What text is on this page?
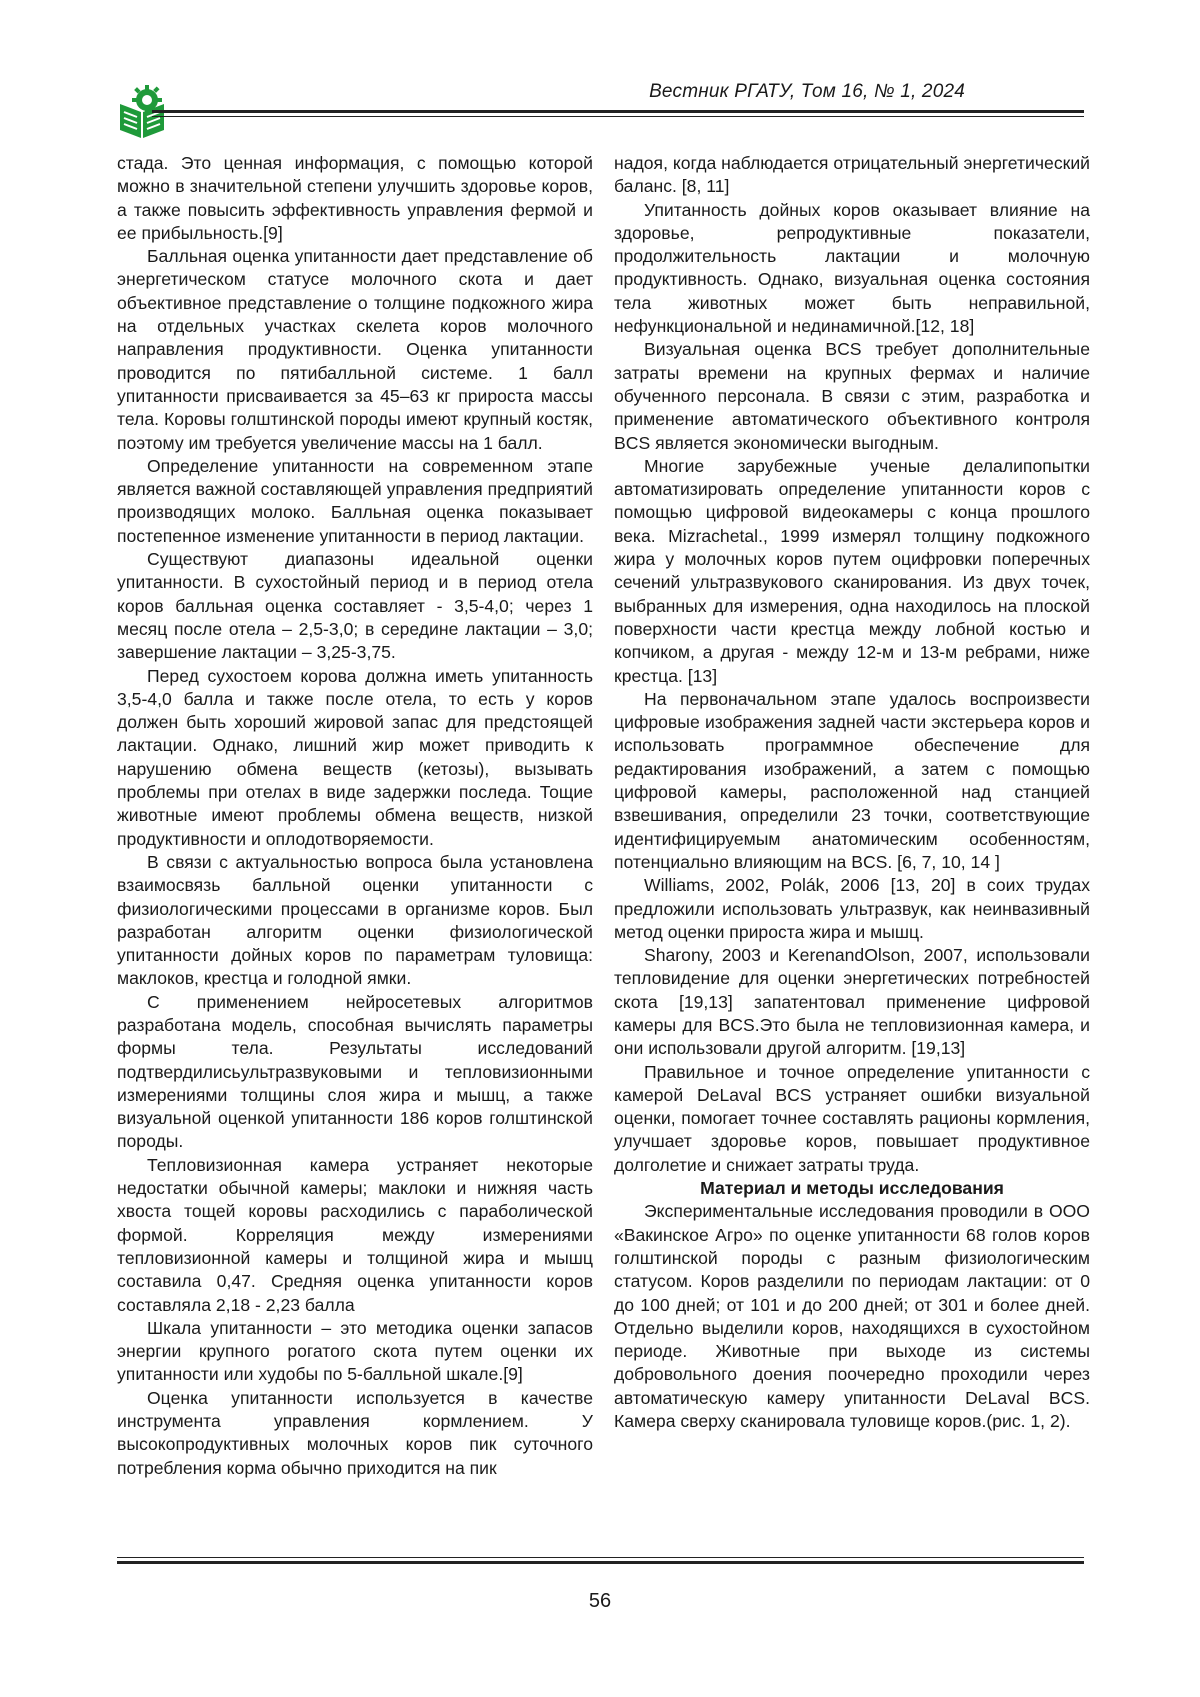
Вестник РГАТУ, Том 16, № 1, 2024

стада. Это ценная информация, с помощью которой можно в значительной степени улучшить здоровье коров, а также повысить эффективность управления фермой и ее прибыльность.[9]

Балльная оценка упитанности дает представление об энергетическом статусе молочного скота и дает объективное представление о толщине подкожного жира на отдельных участках скелета коров молочного направления продуктивности. Оценка упитанности проводится по пятибалльной системе. 1 балл упитанности присваивается за 45–63 кг прироста массы тела. Коровы голштинской породы имеют крупный костяк, поэтому им требуется увеличение массы на 1 балл.

Определение упитанности на современном этапе является важной составляющей управления предприятий производящих молоко. Балльная оценка показывает постепенное изменение упитанности в период лактации.

Существуют диапазоны идеальной оценки упитанности. В сухостойный период и в период отела коров балльная оценка составляет - 3,5-4,0; через 1 месяц после отела – 2,5-3,0; в середине лактации – 3,0; завершение лактации – 3,25-3,75.

Перед сухостоем корова должна иметь упитанность 3,5-4,0 балла и также после отела, то есть у коров должен быть хороший жировой запас для предстоящей лактации. Однако, лишний жир может приводить к нарушению обмена веществ (кетозы), вызывать проблемы при отелах в виде задержки последа. Тощие животные имеют проблемы обмена веществ, низкой продуктивности и оплодотворяемости.

В связи с актуальностью вопроса была установлена взаимосвязь балльной оценки упитанности с физиологическими процессами в организме коров. Был разработан алгоритм оценки физиологической упитанности дойных коров по параметрам туловища: маклоков, крестца и голодной ямки.

С применением нейросетевых алгоритмов разработана модель, способная вычислять параметры формы тела. Результаты исследований подтвердилисьультразвуковыми и тепловизионными измерениями толщины слоя жира и мышц, а также визуальной оценкой упитанности 186 коров голштинской породы.

Тепловизионная камера устраняет некоторые недостатки обычной камеры; маклоки и нижняя часть хвоста тощей коровы расходились с параболической формой. Корреляция между измерениями тепловизионной камеры и толщиной жира и мышц составила 0,47. Средняя оценка упитанности коров составляла 2,18 - 2,23 балла

Шкала упитанности – это методика оценки запасов энергии крупного рогатого скота путем оценки их упитанности или худобы по 5-балльной шкале.[9]

Оценка упитанности используется в качестве инструмента управления кормлением. У высокопродуктивных молочных коров пик суточного потребления корма обычно приходится на пик

надоя, когда наблюдается отрицательный энергетический баланс. [8, 11]

Упитанность дойных коров оказывает влияние на здоровье, репродуктивные показатели, продолжительность лактации и молочную продуктивность. Однако, визуальная оценка состояния тела животных может быть неправильной, нефункциональной и нединамичной.[12, 18]

Визуальная оценка BCS требует дополнительные затраты времени на крупных фермах и наличие обученного персонала. В связи с этим, разработка и применение автоматического объективного контроля BCS является экономически выгодным.

Многие зарубежные ученые делалипопытки автоматизировать определение упитанности коров с помощью цифровой видеокамеры с конца прошлого века. Mizrachetal., 1999 измерял толщину подкожного жира у молочных коров путем оцифровки поперечных сечений ультразвукового сканирования. Из двух точек, выбранных для измерения, одна находилось на плоской поверхности части крестца между лобной костью и копчиком, а другая - между 12-м и 13-м ребрами, ниже крестца. [13]

На первоначальном этапе удалось воспроизвести цифровые изображения задней части экстерьера коров и использовать программное обеспечение для редактирования изображений, а затем с помощью цифровой камеры, расположенной над станцией взвешивания, определили 23 точки, соответствующие идентифицируемым анатомическим особенностям, потенциально влияющим на BCS. [6, 7, 10, 14 ]

Williams, 2002, Polák, 2006 [13, 20] в соих трудах предложили использовать ультразвук, как неинвазивный метод оценки прироста жира и мышц.

Sharony, 2003 и KerenandOlson, 2007, использовали тепловидение для оценки энергетических потребностей скота [19,13] запатентовал применение цифровой камеры для BCS.Это была не тепловизионная камера, и они использовали другой алгоритм. [19,13]

Правильное и точное определение упитанности с камерой DeLaval BCS устраняет ошибки визуальной оценки, помогает точнее составлять рационы кормления, улучшает здоровье коров, повышает продуктивное долголетие и снижает затраты труда.

Материал и методы исследования

Экспериментальные исследования проводили в ООО «Вакинское Агро» по оценке упитанности 68 голов коров голштинской породы с разным физиологическим статусом. Коров разделили по периодам лактации: от 0 до 100 дней; от 101 и до 200 дней; от 301 и более дней. Отдельно выделили коров, находящихся в сухостойном периоде. Животные при выходе из системы добровольного доения поочередно проходили через автоматическую камеру упитанности DeLaval BCS. Камера сверху сканировала туловище коров.(рис. 1, 2).

56
